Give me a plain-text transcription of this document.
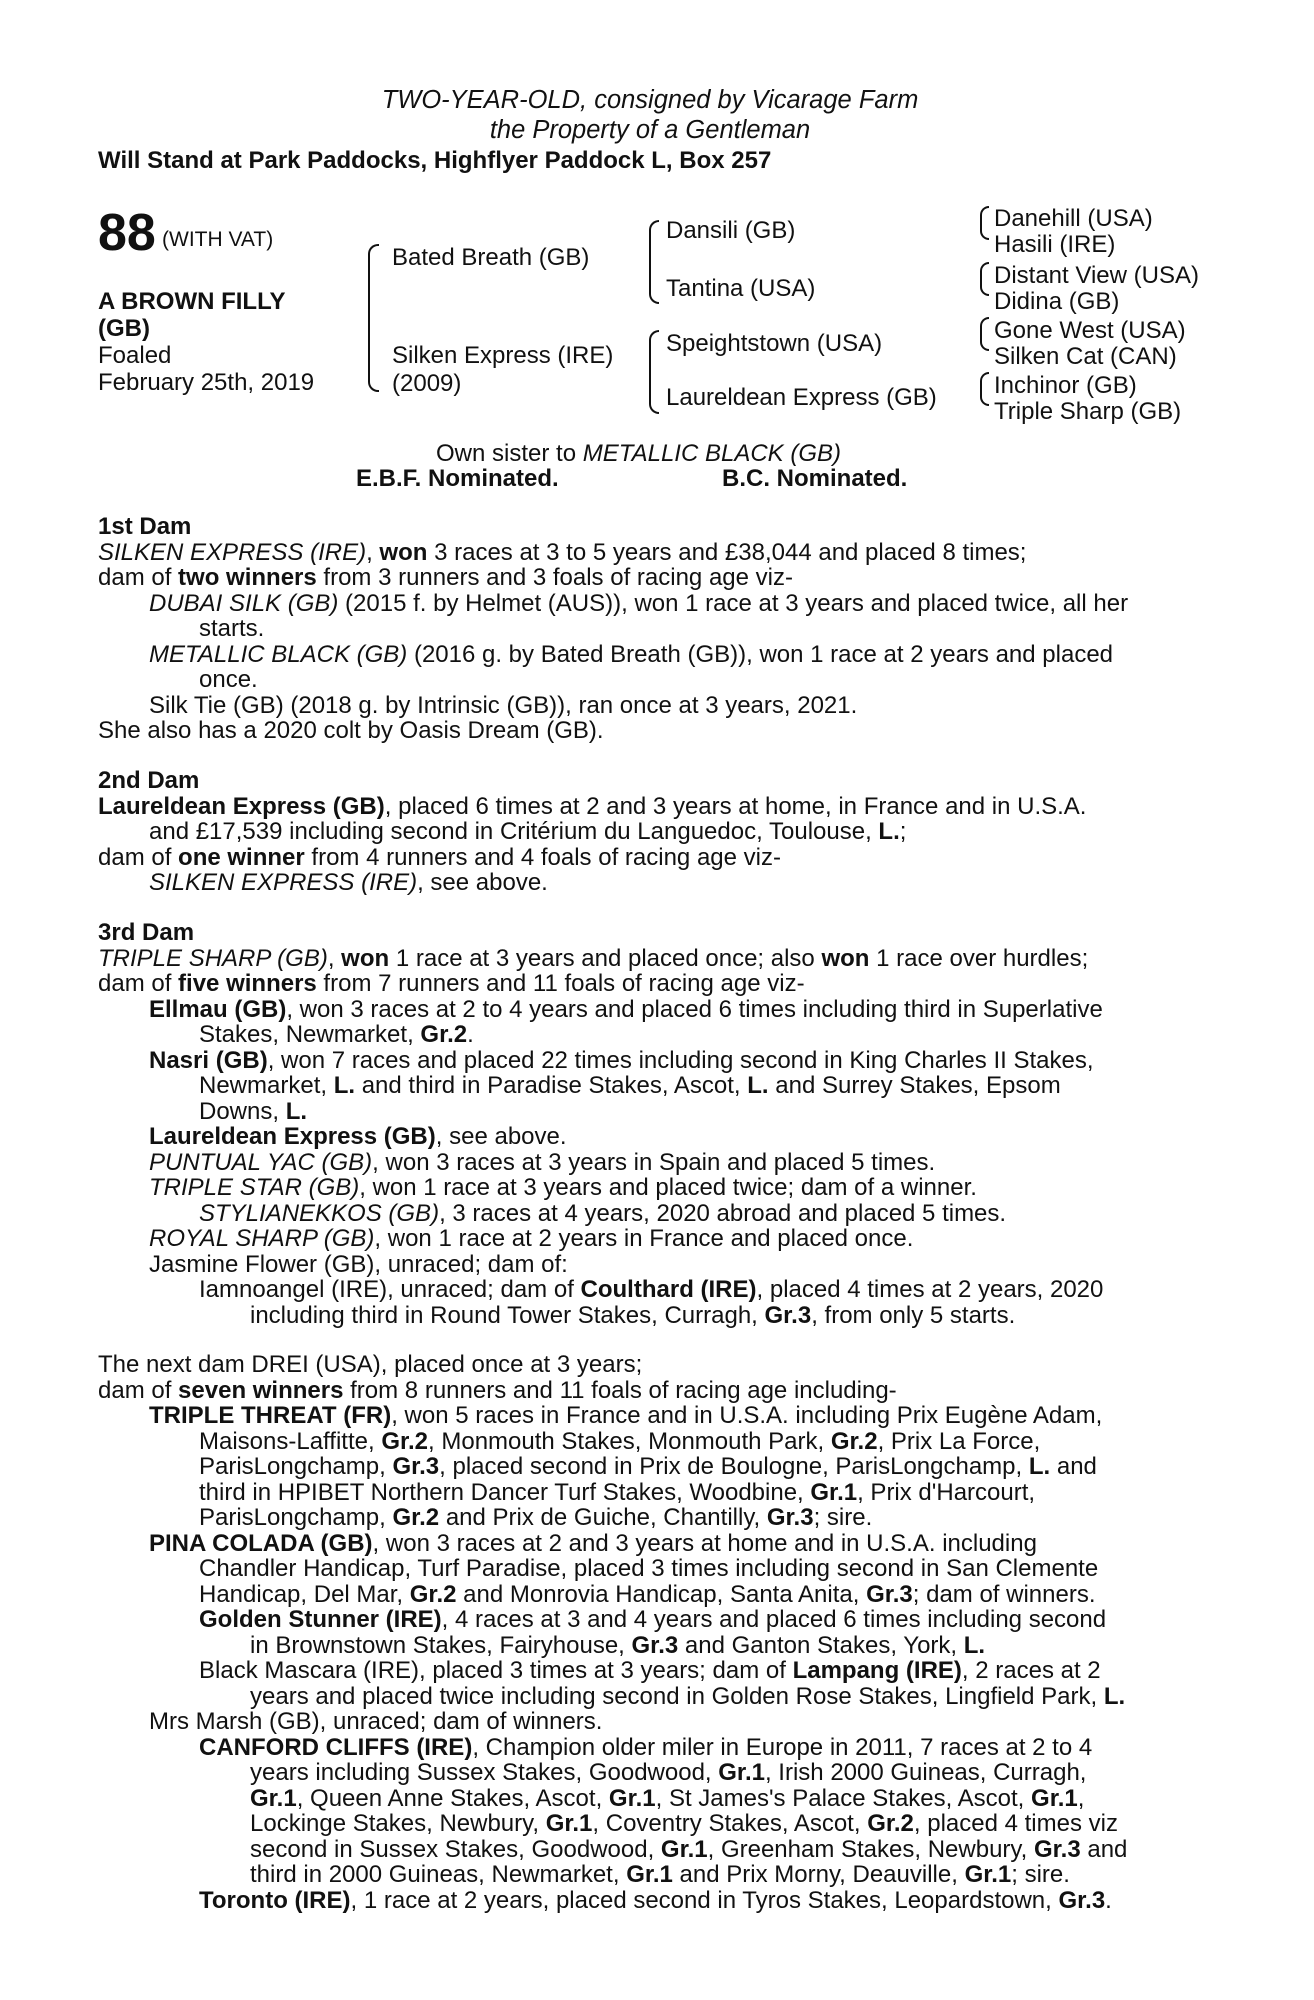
TWO-YEAR-OLD, consigned by Vicarage Farm
the Property of a Gentleman
Will Stand at Park Paddocks, Highflyer Paddock L, Box 257
88 (WITH VAT)
A BROWN FILLY
(GB)
Foaled
February 25th, 2019
Bated Breath (GB)
Silken Express (IRE)
(2009)
Dansili (GB)
Tantina (USA)
Speightstown (USA)
Laureldean Express (GB)
Danehill (USA)
Hasili (IRE)
Distant View (USA)
Didina (GB)
Gone West (USA)
Silken Cat (CAN)
Inchinor (GB)
Triple Sharp (GB)
Own sister to METALLIC BLACK (GB)
E.B.F. Nominated.	B.C. Nominated.
1st Dam
SILKEN EXPRESS (IRE), won 3 races at 3 to 5 years and £38,044 and placed 8 times;
dam of two winners from 3 runners and 3 foals of racing age viz-
DUBAI SILK (GB) (2015 f. by Helmet (AUS)), won 1 race at 3 years and placed twice, all her
starts.
METALLIC BLACK (GB) (2016 g. by Bated Breath (GB)), won 1 race at 2 years and placed
once.
Silk Tie (GB) (2018 g. by Intrinsic (GB)), ran once at 3 years, 2021.
She also has a 2020 colt by Oasis Dream (GB).
2nd Dam
Laureldean Express (GB), placed 6 times at 2 and 3 years at home, in France and in U.S.A.
and £17,539 including second in Critérium du Languedoc, Toulouse, L.;
dam of one winner from 4 runners and 4 foals of racing age viz-
SILKEN EXPRESS (IRE), see above.
3rd Dam
TRIPLE SHARP (GB), won 1 race at 3 years and placed once; also won 1 race over hurdles;
dam of five winners from 7 runners and 11 foals of racing age viz-
Ellmau (GB), won 3 races at 2 to 4 years and placed 6 times including third in Superlative
Stakes, Newmarket, Gr.2.
Nasri (GB), won 7 races and placed 22 times including second in King Charles II Stakes,
Newmarket, L. and third in Paradise Stakes, Ascot, L. and Surrey Stakes, Epsom
Downs, L.
Laureldean Express (GB), see above.
PUNTUAL YAC (GB), won 3 races at 3 years in Spain and placed 5 times.
TRIPLE STAR (GB), won 1 race at 3 years and placed twice; dam of a winner.
STYLIANEKKOS (GB), 3 races at 4 years, 2020 abroad and placed 5 times.
ROYAL SHARP (GB), won 1 race at 2 years in France and placed once.
Jasmine Flower (GB), unraced; dam of:
Iamnoangel (IRE), unraced; dam of Coulthard (IRE), placed 4 times at 2 years, 2020
including third in Round Tower Stakes, Curragh, Gr.3, from only 5 starts.
The next dam DREI (USA), placed once at 3 years;
dam of seven winners from 8 runners and 11 foals of racing age including-
TRIPLE THREAT (FR), won 5 races in France and in U.S.A. including Prix Eugène Adam,
Maisons-Laffitte, Gr.2, Monmouth Stakes, Monmouth Park, Gr.2, Prix La Force,
ParisLongchamp, Gr.3, placed second in Prix de Boulogne, ParisLongchamp, L. and
third in HPIBET Northern Dancer Turf Stakes, Woodbine, Gr.1, Prix d'Harcourt,
ParisLongchamp, Gr.2 and Prix de Guiche, Chantilly, Gr.3; sire.
PINA COLADA (GB), won 3 races at 2 and 3 years at home and in U.S.A. including
Chandler Handicap, Turf Paradise, placed 3 times including second in San Clemente
Handicap, Del Mar, Gr.2 and Monrovia Handicap, Santa Anita, Gr.3; dam of winners.
Golden Stunner (IRE), 4 races at 3 and 4 years and placed 6 times including second
in Brownstown Stakes, Fairyhouse, Gr.3 and Ganton Stakes, York, L.
Black Mascara (IRE), placed 3 times at 3 years; dam of Lampang (IRE), 2 races at 2
years and placed twice including second in Golden Rose Stakes, Lingfield Park, L.
Mrs Marsh (GB), unraced; dam of winners.
CANFORD CLIFFS (IRE), Champion older miler in Europe in 2011, 7 races at 2 to 4
years including Sussex Stakes, Goodwood, Gr.1, Irish 2000 Guineas, Curragh,
Gr.1, Queen Anne Stakes, Ascot, Gr.1, St James's Palace Stakes, Ascot, Gr.1,
Lockinge Stakes, Newbury, Gr.1, Coventry Stakes, Ascot, Gr.2, placed 4 times viz
second in Sussex Stakes, Goodwood, Gr.1, Greenham Stakes, Newbury, Gr.3 and
third in 2000 Guineas, Newmarket, Gr.1 and Prix Morny, Deauville, Gr.1; sire.
Toronto (IRE), 1 race at 2 years, placed second in Tyros Stakes, Leopardstown, Gr.3.
